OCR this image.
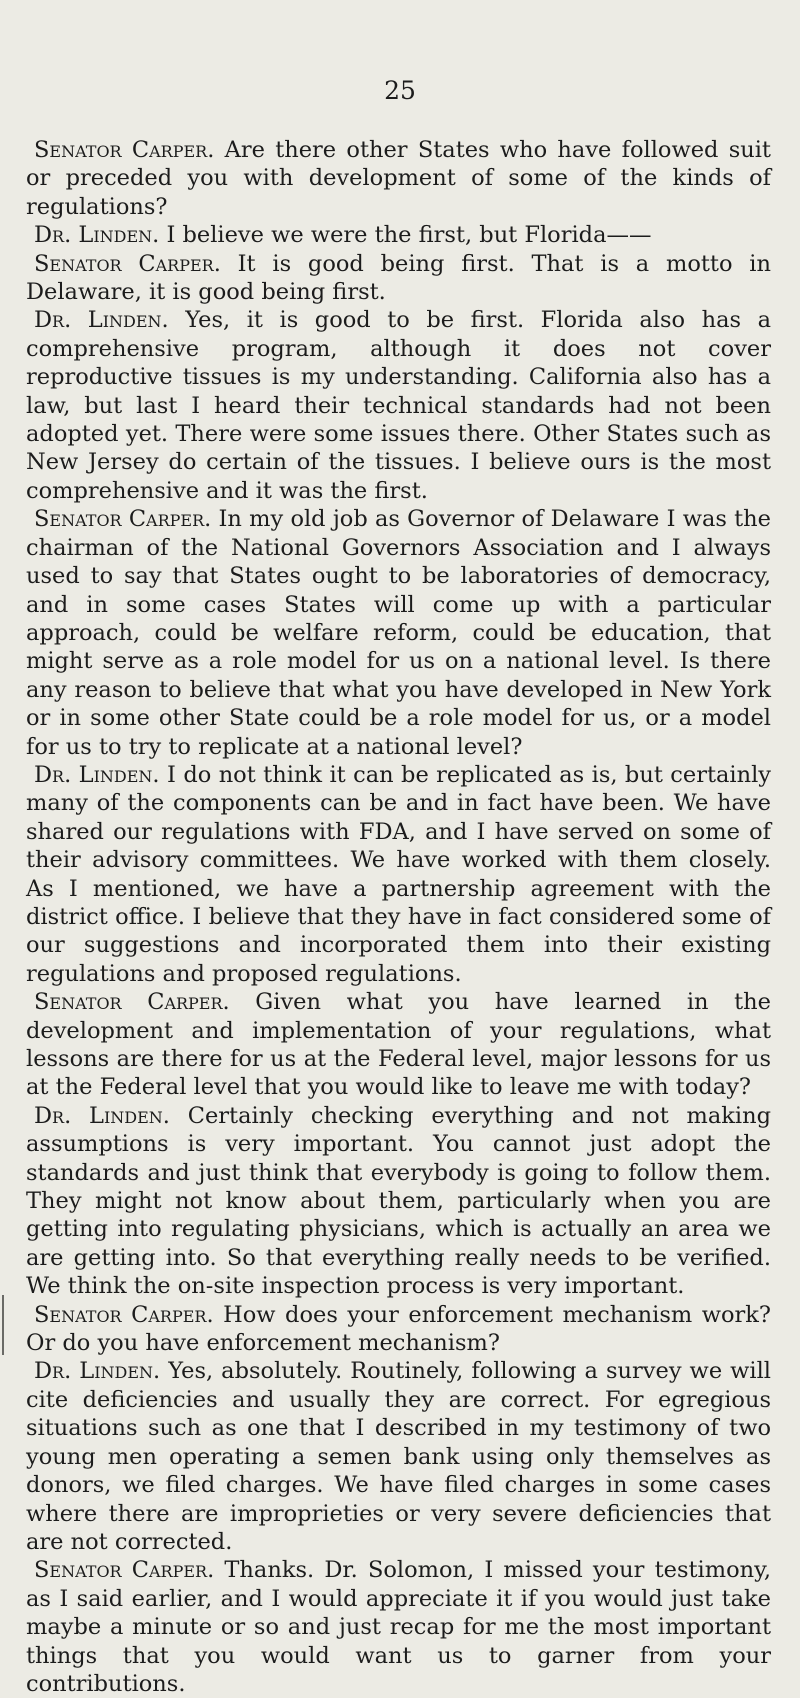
25

Senator Carper. Are there other States who have followed suit or preceded you with development of some of the kinds of regulations?

Dr. Linden. I believe we were the first, but Florida——

Senator Carper. It is good being first. That is a motto in Delaware, it is good being first.

Dr. Linden. Yes, it is good to be first. Florida also has a comprehensive program, although it does not cover reproductive tissues is my understanding. California also has a law, but last I heard their technical standards had not been adopted yet. There were some issues there. Other States such as New Jersey do certain of the tissues. I believe ours is the most comprehensive and it was the first.

Senator Carper. In my old job as Governor of Delaware I was the chairman of the National Governors Association and I always used to say that States ought to be laboratories of democracy, and in some cases States will come up with a particular approach, could be welfare reform, could be education, that might serve as a role model for us on a national level. Is there any reason to believe that what you have developed in New York or in some other State could be a role model for us, or a model for us to try to replicate at a national level?

Dr. Linden. I do not think it can be replicated as is, but certainly many of the components can be and in fact have been. We have shared our regulations with FDA, and I have served on some of their advisory committees. We have worked with them closely. As I mentioned, we have a partnership agreement with the district office. I believe that they have in fact considered some of our suggestions and incorporated them into their existing regulations and proposed regulations.

Senator Carper. Given what you have learned in the development and implementation of your regulations, what lessons are there for us at the Federal level, major lessons for us at the Federal level that you would like to leave me with today?

Dr. Linden. Certainly checking everything and not making assumptions is very important. You cannot just adopt the standards and just think that everybody is going to follow them. They might not know about them, particularly when you are getting into regulating physicians, which is actually an area we are getting into. So that everything really needs to be verified. We think the on-site inspection process is very important.

Senator Carper. How does your enforcement mechanism work? Or do you have enforcement mechanism?

Dr. Linden. Yes, absolutely. Routinely, following a survey we will cite deficiencies and usually they are correct. For egregious situations such as one that I described in my testimony of two young men operating a semen bank using only themselves as donors, we filed charges. We have filed charges in some cases where there are improprieties or very severe deficiencies that are not corrected.

Senator Carper. Thanks. Dr. Solomon, I missed your testimony, as I said earlier, and I would appreciate it if you would just take maybe a minute or so and just recap for me the most important things that you would want us to garner from your contributions.
